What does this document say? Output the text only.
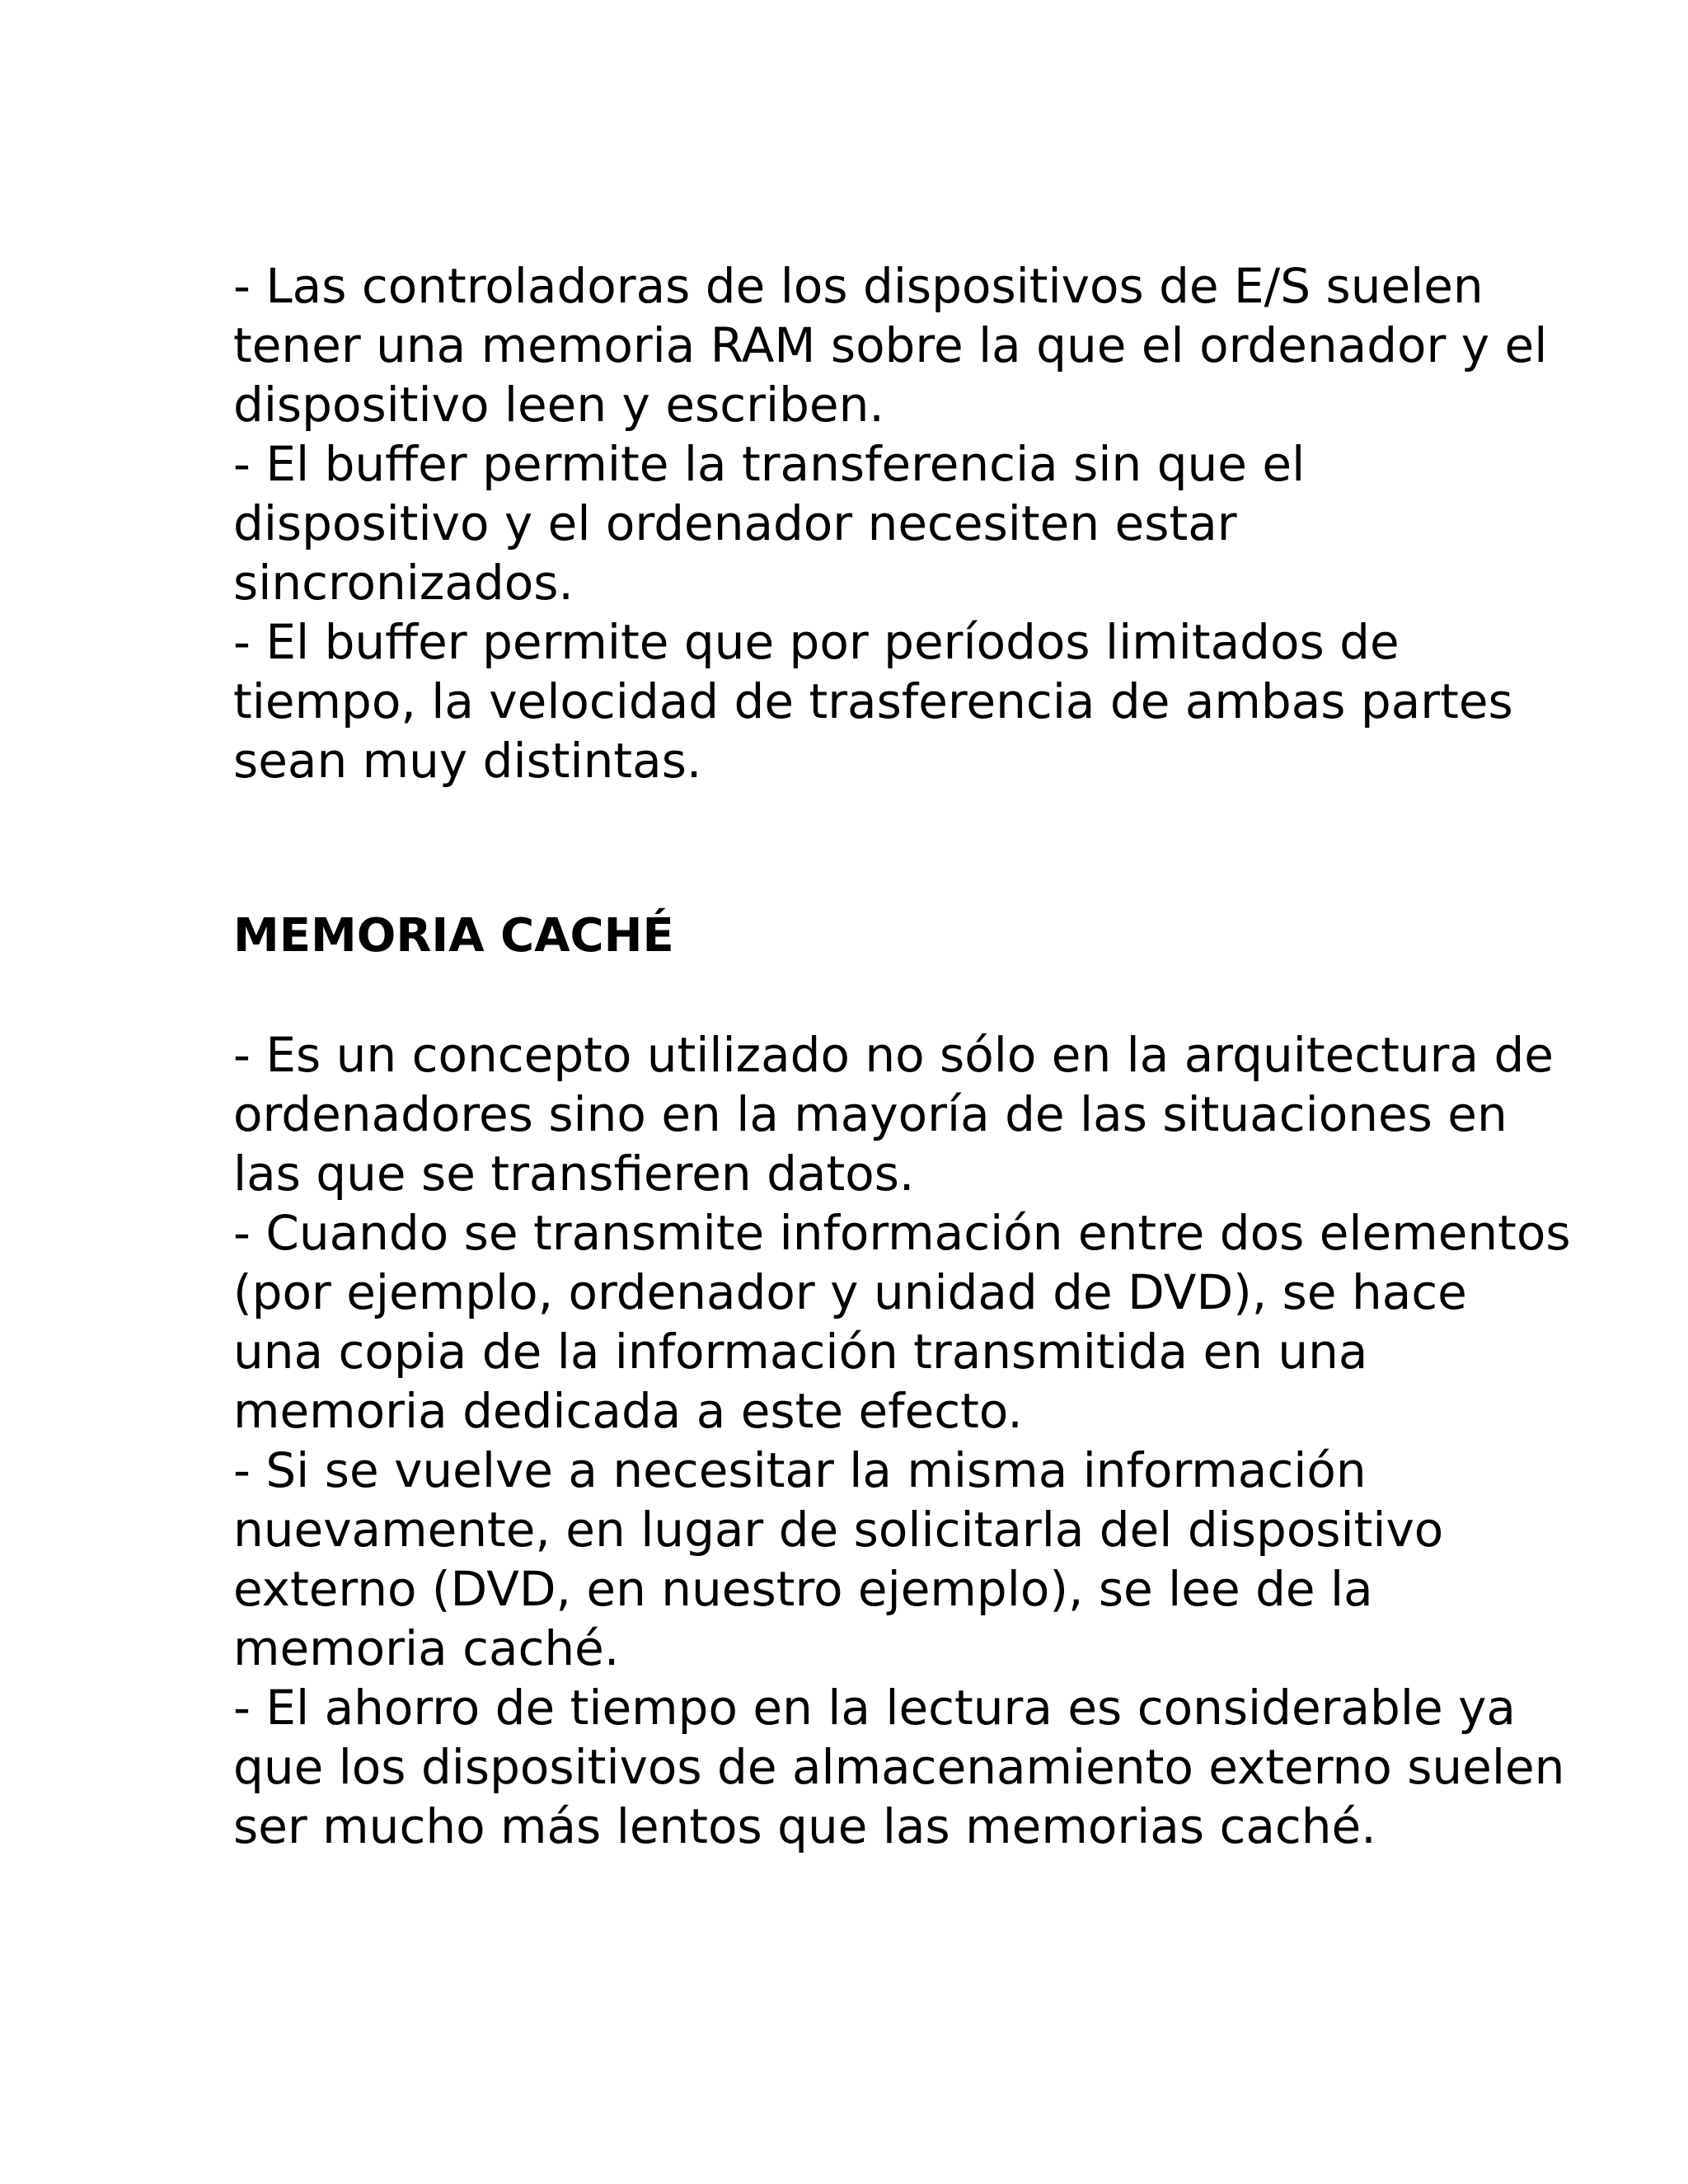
- Las controladoras de los dispositivos de E/S suelen
tener una memoria RAM sobre la que el ordenador y el
dispositivo leen y escriben.
- El buffer permite la transferencia sin que el
dispositivo y el ordenador necesiten estar
sincronizados.
- El buffer permite que por períodos limitados de
tiempo, la velocidad de trasferencia de ambas partes
sean muy distintas.
MEMORIA CACHÉ
- Es un concepto utilizado no sólo en la arquitectura de
ordenadores sino en la mayoría de las situaciones en
las que se transfieren datos.
- Cuando se transmite información entre dos elementos
(por ejemplo, ordenador y unidad de DVD), se hace
una copia de la información transmitida en una
memoria dedicada a este efecto.
- Si se vuelve a necesitar la misma información
nuevamente, en lugar de solicitarla del dispositivo
externo (DVD, en nuestro ejemplo), se lee de la
memoria caché.
- El ahorro de tiempo en la lectura es considerable ya
que los dispositivos de almacenamiento externo suelen
ser mucho más lentos que las memorias caché.
